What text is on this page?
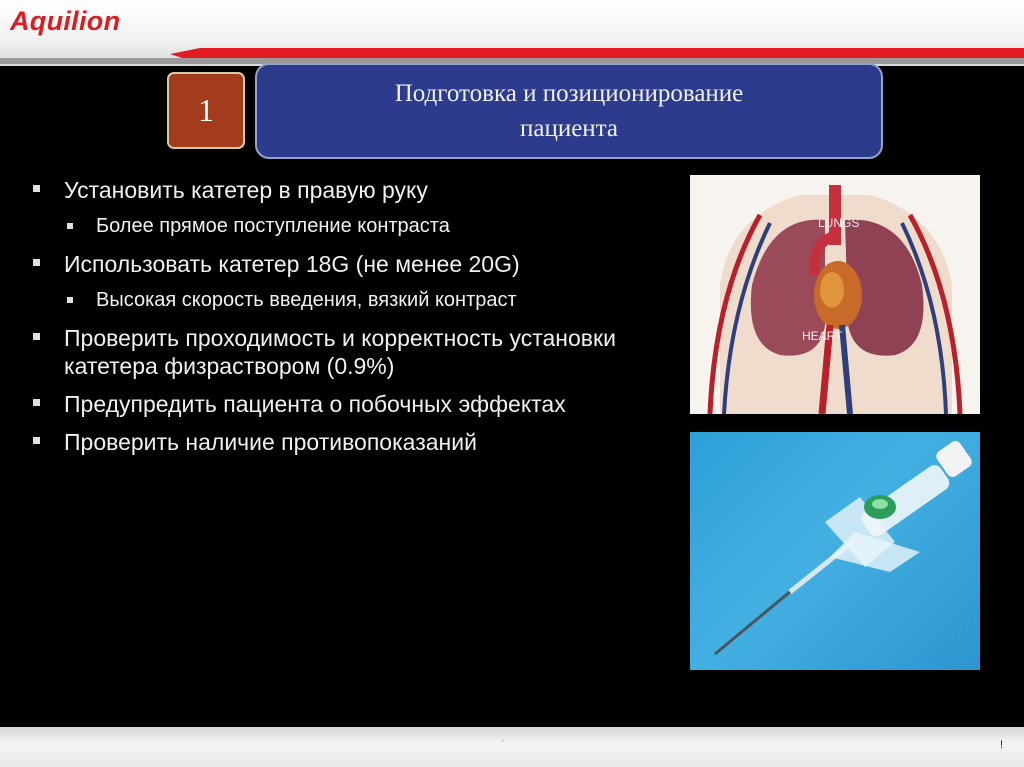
Aquilion
1	Подготовка и позиционирование
пациента
Установить катетер в правую руку
Более прямое поступление контраста
Использовать катетер 18G (не менее 20G)
Высокая скорость введения, вязкий контраст
Проверить проходимость и корректность установки катетера физраствором (0.9%)
Предупредить пациента о побочных эффектах
Проверить наличие противопоказаний
LUNGS
HEART
'	!
